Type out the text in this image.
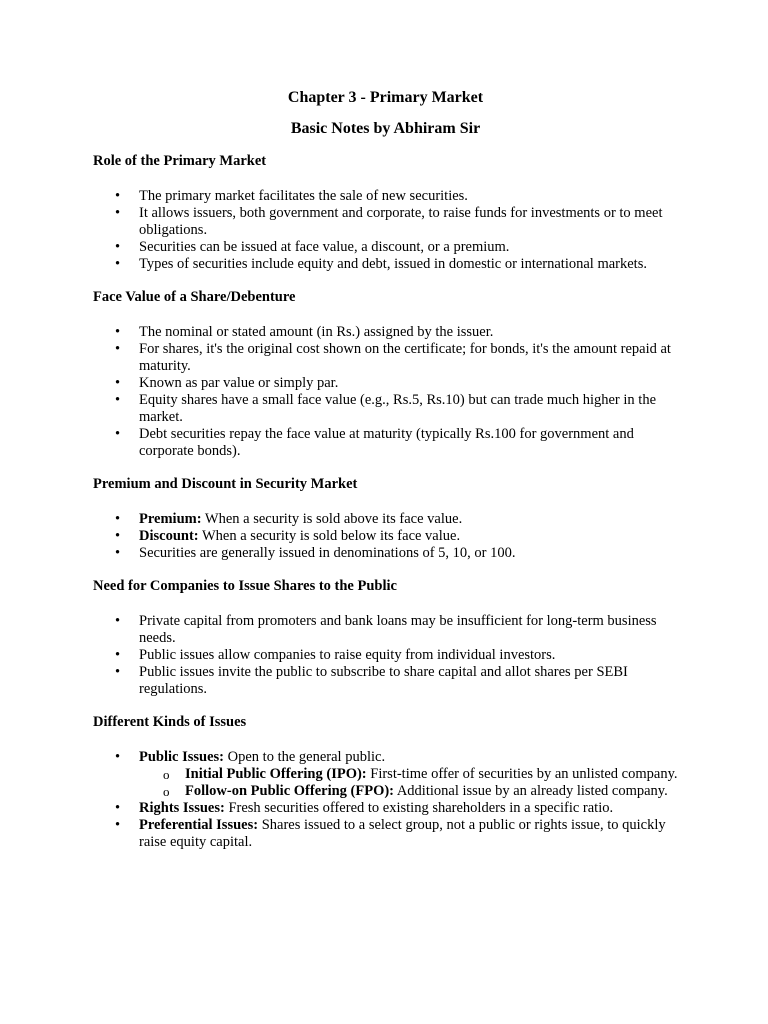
Chapter 3 - Primary Market
Basic Notes by Abhiram Sir
Role of the Primary Market
• The primary market facilitates the sale of new securities.
• It allows issuers, both government and corporate, to raise funds for investments or to meet obligations.
• Securities can be issued at face value, a discount, or a premium.
• Types of securities include equity and debt, issued in domestic or international markets.
Face Value of a Share/Debenture
• The nominal or stated amount (in Rs.) assigned by the issuer.
• For shares, it's the original cost shown on the certificate; for bonds, it's the amount repaid at maturity.
• Known as par value or simply par.
• Equity shares have a small face value (e.g., Rs.5, Rs.10) but can trade much higher in the market.
• Debt securities repay the face value at maturity (typically Rs.100 for government and corporate bonds).
Premium and Discount in Security Market
• Premium: When a security is sold above its face value.
• Discount: When a security is sold below its face value.
• Securities are generally issued in denominations of 5, 10, or 100.
Need for Companies to Issue Shares to the Public
• Private capital from promoters and bank loans may be insufficient for long-term business needs.
• Public issues allow companies to raise equity from individual investors.
• Public issues invite the public to subscribe to share capital and allot shares per SEBI regulations.
Different Kinds of Issues
• Public Issues: Open to the general public.
o Initial Public Offering (IPO): First-time offer of securities by an unlisted company.
o Follow-on Public Offering (FPO): Additional issue by an already listed company.
• Rights Issues: Fresh securities offered to existing shareholders in a specific ratio.
• Preferential Issues: Shares issued to a select group, not a public or rights issue, to quickly raise equity capital.
